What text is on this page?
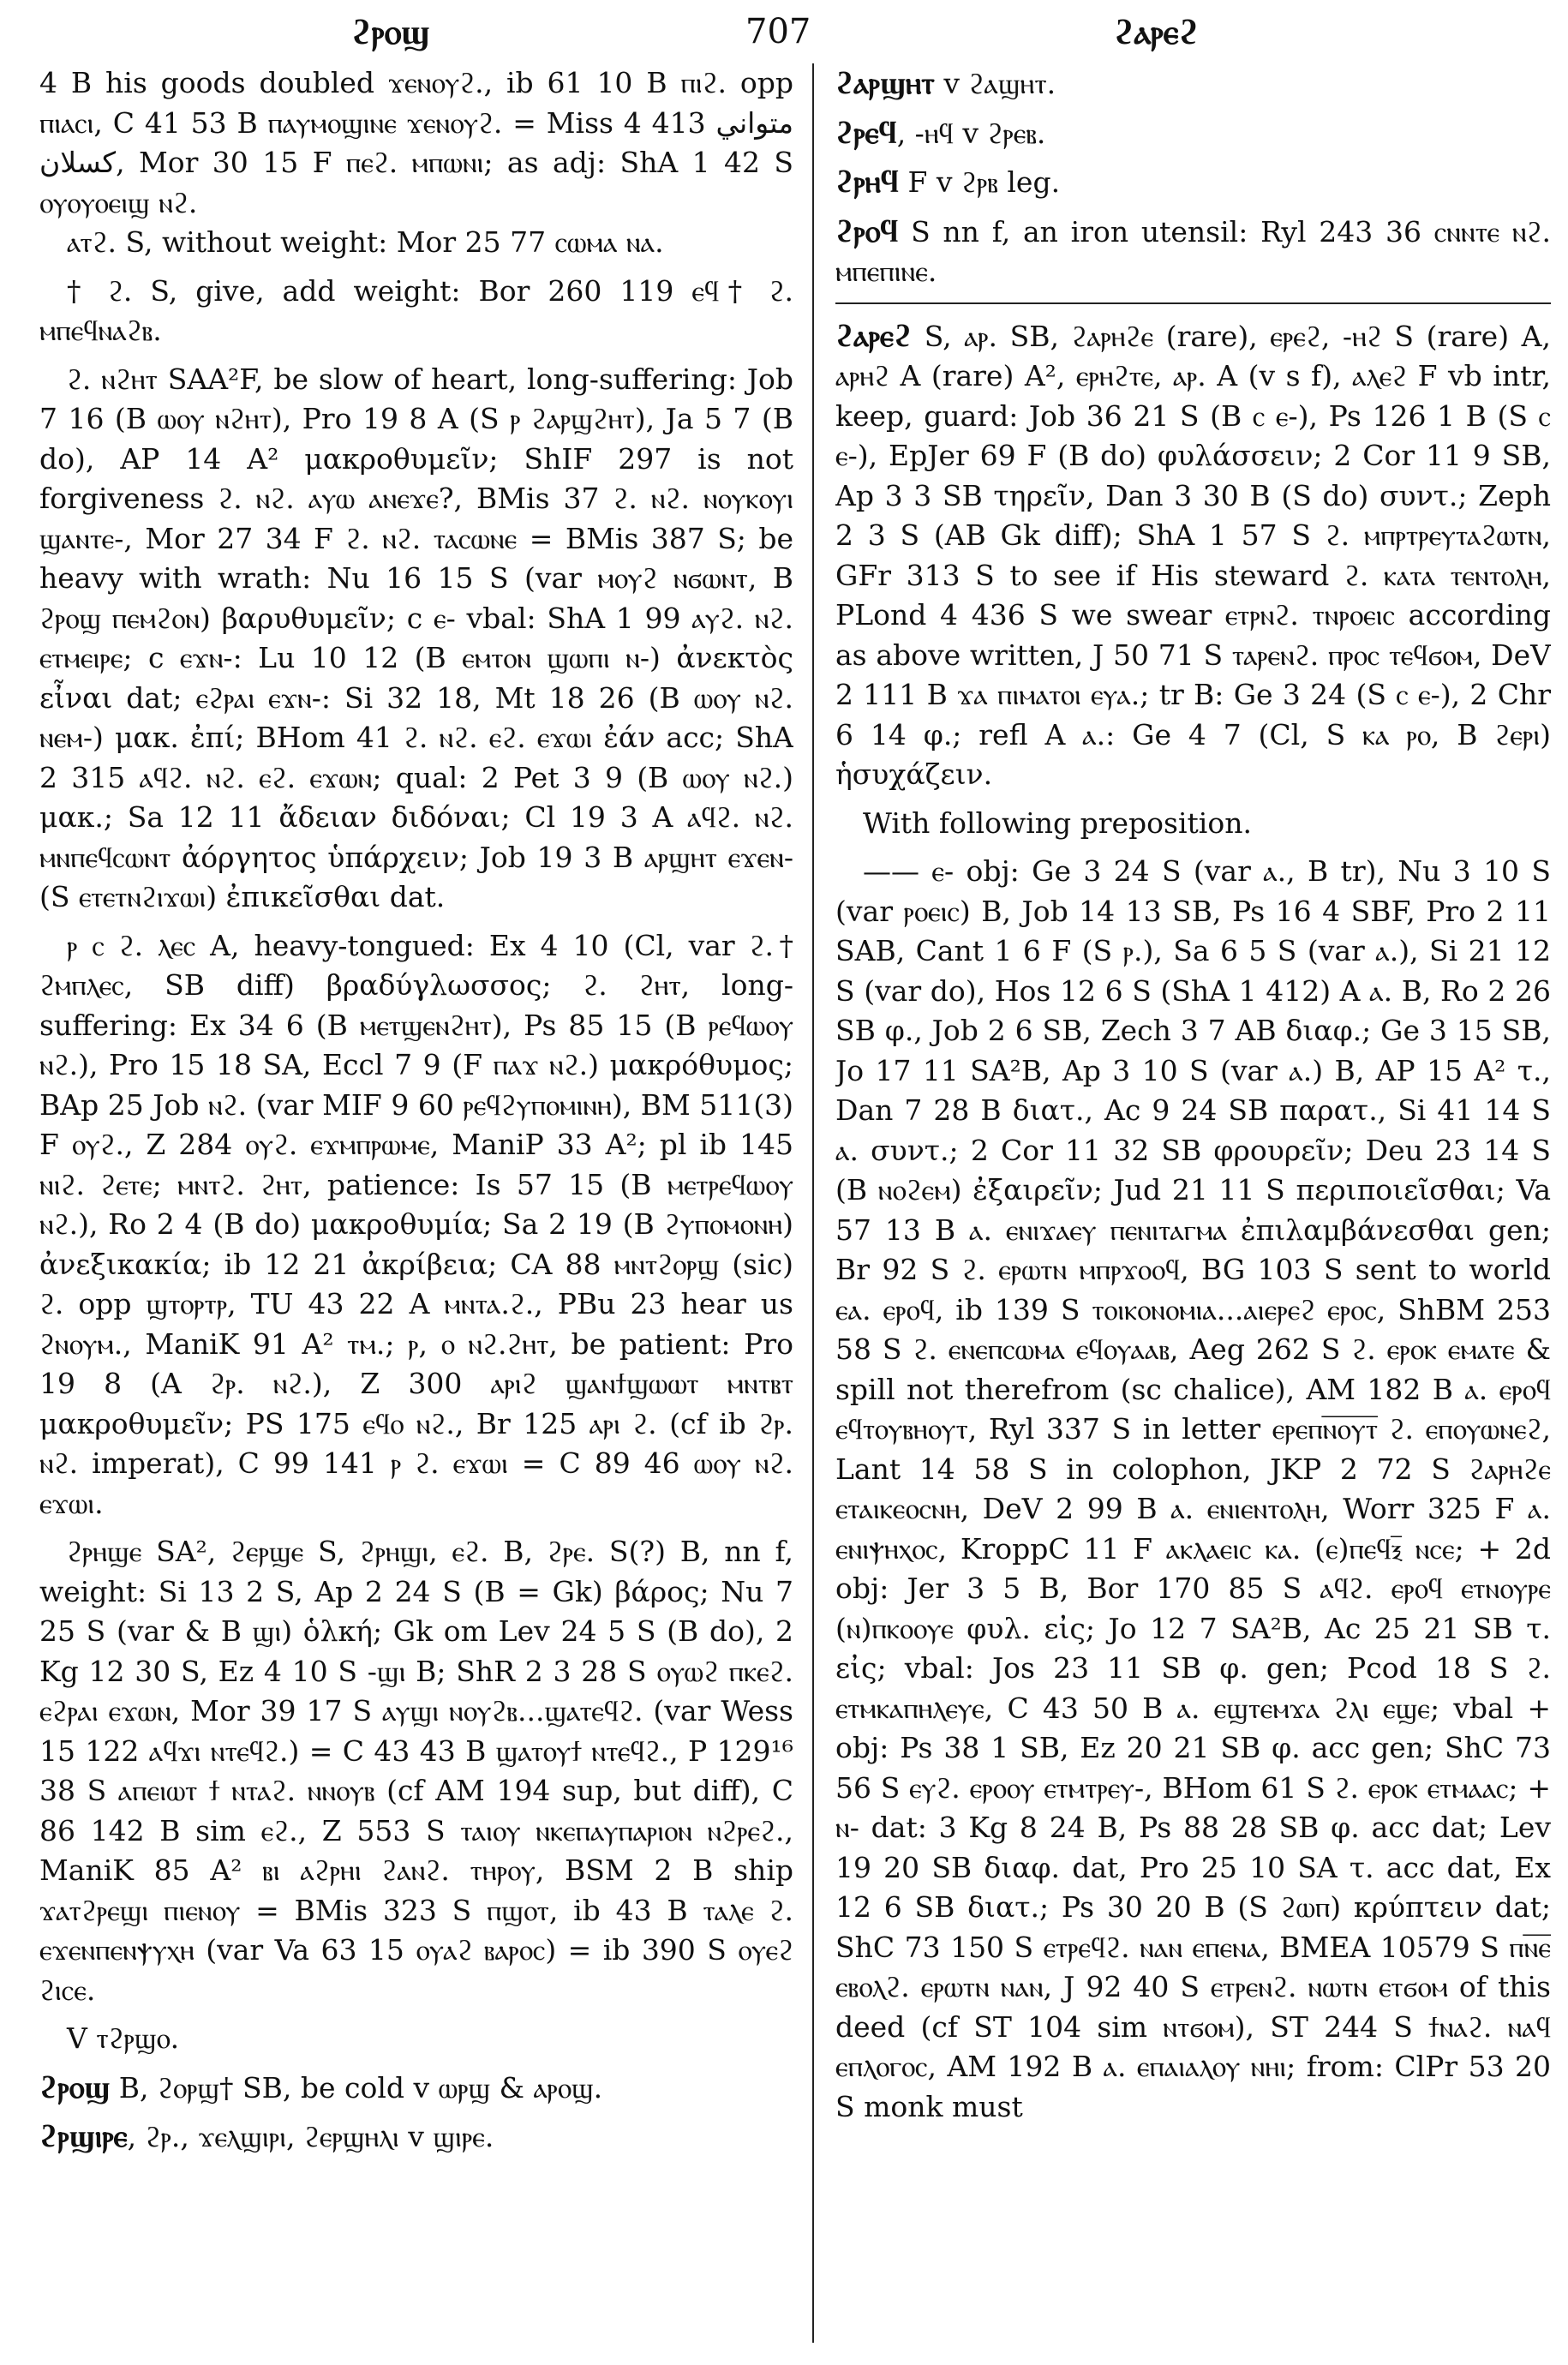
ϩⲣⲟϣ	707	ϩⲁⲣⲉϩ

4 B his goods doubled ϫⲉⲛⲟⲩϩ., ib 61 10 B ⲡⲓϩ. opp ⲡⲓⲁⲥⲓ, C 41 53 B ⲡⲁⲩⲙⲟϣⲓⲛⲉ ϫⲉⲛⲟⲩϩ. = Miss 4 413 متواني كسلان, Mor 30 15 F ⲡⲉϩ. ⲙⲡⲱⲛⲓ; as adj: ShA 1 42 S ⲟⲩⲟⲩⲟⲉⲓϣ ⲛϩ.

ⲁⲧϩ. S, without weight: Mor 25 77 ⲥⲱⲙⲁ ⲛⲁ.

† ϩ. S, give, add weight: Bor 260 119 ⲉϥ† ϩ. ⲙⲡⲉϥⲛⲁϩⲃ.

ϩ. ⲛϩⲏⲧ SAA²F, be slow of heart, long-suffering: Job 7 16 (B ⲱⲟⲩ ⲛϩⲏⲧ), Pro 19 8 A (S ⲣ ϩⲁⲣϣϩⲏⲧ), Ja 5 7 (B do), AP 14 A² μακροθυμεῖν; ShIF 297 is not forgiveness ϩ. ⲛϩ. ⲁⲩⲱ ⲁⲛⲉϫⲉ?, BMis 37 ϩ. ⲛϩ. ⲛⲟⲩⲕⲟⲩⲓ ϣⲁⲛⲧⲉ-, Mor 27 34 F ϩ. ⲛϩ. ⲧⲁⲥⲱⲛⲉ = BMis 387 S; be heavy with wrath: Nu 16 15 S (var ⲙⲟⲩϩ ⲛϭⲱⲛⲧ, B ϩⲣⲟϣ ⲡⲉⲙϩⲟⲛ) βαρυθυμεῖν; c ⲉ- vbal: ShA 1 99 ⲁⲩϩ. ⲛϩ. ⲉⲧⲙⲉⲓⲣⲉ; c ⲉϫⲛ-: Lu 10 12 (B ⲉⲙⲧⲟⲛ ϣⲱⲡⲓ ⲛ-) ἀνεκτὸς εἶναι dat; ⲉϩⲣⲁⲓ ⲉϫⲛ-: Si 32 18, Mt 18 26 (B ⲱⲟⲩ ⲛϩ. ⲛⲉⲙ-) μακ. ἐπί; BHom 41 ϩ. ⲛϩ. ⲉϩ. ⲉϫⲱⲓ ἐάν acc; ShA 2 315 ⲁϥϩ. ⲛϩ. ⲉϩ. ⲉϫⲱⲛ; qual: 2 Pet 3 9 (B ⲱⲟⲩ ⲛϩ.) μακ.; Sa 12 11 ἄδειαν διδόναι; Cl 19 3 A ⲁϥϩ. ⲛϩ. ⲙⲛⲡⲉϥⲥⲱⲛⲧ ἀόργητος ὑπάρχειν; Job 19 3 B ⲁⲣϣⲏⲧ ⲉϫⲉⲛ- (S ⲉⲧⲉⲧⲛϩⲓϫⲱⲓ) ἐπικεῖσθαι dat.

ⲣ ⲥ ϩ. ⲗⲉⲥ A, heavy-tongued: Ex 4 10 (Cl, var ϩ.† ϩⲙⲡⲗⲉⲥ, SB diff) βραδύγλωσσος; ϩ. ϩⲏⲧ, long-suffering: Ex 34 6 (B ⲙⲉⲧϣⲉⲛϩⲏⲧ), Ps 85 15 (B ⲣⲉϥⲱⲟⲩ ⲛϩ.), Pro 15 18 SA, Eccl 7 9 (F ⲡⲁϫ ⲛϩ.) μακρόθυμος; BAp 25 Job ⲛϩ. (var MIF 9 60 ⲣⲉϥϩⲩⲡⲟⲙⲓⲛⲏ), BM 511(3) F ⲟⲩϩ., Z 284 ⲟⲩϩ. ⲉϫⲙⲡⲣⲱⲙⲉ, ManiP 33 A²; pl ib 145 ⲛⲓϩ. ϩⲉⲧⲉ; ⲙⲛⲧϩ. ϩⲏⲧ, patience: Is 57 15 (B ⲙⲉⲧⲣⲉϥⲱⲟⲩ ⲛϩ.), Ro 2 4 (B do) μακροθυμία; Sa 2 19 (B ϩⲩⲡⲟⲙⲟⲛⲏ) ἀνεξικακία; ib 12 21 ἀκρίβεια; CA 88 ⲙⲛⲧϩⲟⲣϣ (sic) ϩ. opp ϣⲧⲟⲣⲧⲣ, TU 43 22 A ⲙⲛⲧⲁ.ϩ., PBu 23 hear us ϩⲛⲟⲩⲙ., ManiK 91 A² ⲧⲙ.; ⲣ, ⲟ ⲛϩ.ϩⲏⲧ, be patient: Pro 19 8 (A ϩⲣ. ⲛϩ.), Z 300 ⲁⲣⲓϩ ϣⲁⲛϯϣⲱⲱⲧ ⲙⲛⲧⲃⲧ μακροθυμεῖν; PS 175 ⲉϥⲟ ⲛϩ., Br 125 ⲁⲣⲓ ϩ. (cf ib ϩⲣ. ⲛϩ. imperat), C 99 141 ⲣ ϩ. ⲉϫⲱⲓ = C 89 46 ⲱⲟⲩ ⲛϩ. ⲉϫⲱⲓ.

ϩⲣⲏϣⲉ SA², ϩⲉⲣϣⲉ S, ϩⲣⲏϣⲓ, ⲉϩ. B, ϩⲣⲉ. S(?) B, nn f, weight: Si 13 2 S, Ap 2 24 S (B = Gk) βάρος; Nu 7 25 S (var & B ϣⲓ) ὁλκή; Gk om Lev 24 5 S (B do), 2 Kg 12 30 S, Ez 4 10 S -ϣⲓ B; ShR 2 3 28 S ⲟⲩⲱϩ ⲡⲕⲉϩ. ⲉϩⲣⲁⲓ ⲉϫⲱⲛ, Mor 39 17 S ⲁⲩϣⲓ ⲛⲟⲩϩⲃ...ϣⲁⲧⲉϥϩ. (var Wess 15 122 ⲁϥϫⲓ ⲛⲧⲉϥϩ.) = C 43 43 B ϣⲁⲧⲟⲩϯ ⲛⲧⲉϥϩ., P 129¹⁶ 38 S ⲁⲡⲉⲓⲱⲧ ϯ ⲛⲧⲁϩ. ⲛⲛⲟⲩⲃ (cf AM 194 sup, but diff), C 86 142 B sim ⲉϩ., Z 553 S ⲧⲁⲓⲟⲩ ⲛⲕⲉⲡⲁⲩⲡⲁⲣⲓⲟⲛ ⲛϩⲣⲉϩ., ManiK 85 A² ⲃⲓ ⲁϩⲣⲏⲓ ϩⲁⲛϩ. ⲧⲏⲣⲟⲩ, BSM 2 B ship ϫⲁⲧϩⲣⲉϣⲓ ⲡⲓⲉⲛⲟⲩ = BMis 323 S ⲡϣⲟⲧ, ib 43 B ⲧⲁⲗⲉ ϩ. ⲉϫⲉⲛⲡⲉⲛⲯⲩⲭⲏ (var Va 63 15 ⲟⲩⲁϩ ⲃⲁⲣⲟⲥ) = ib 390 S ⲟⲩⲉϩ ϩⲓⲥⲉ.

V ⲧϩⲣϣⲟ.

ϩⲣⲟϣ B, ϩⲟⲣϣ† SB, be cold v ⲱⲣϣ & ⲁⲣⲟϣ.

ϩⲣϣⲓⲣⲉ, ϩⲣ., ϫⲉⲗϣⲓⲣⲓ, ϩⲉⲣϣⲏⲗⲓ v ϣⲓⲣⲉ.

ϩⲁⲣϣⲏⲧ v ϩⲁϣⲏⲧ.

ϩⲣⲉϥ, -ⲏϥ v ϩⲣⲉⲃ.

ϩⲣⲏϥ F v ϩⲣⲃ leg.

ϩⲣⲟϥ S nn f, an iron utensil: Ryl 243 36 ⲥⲛⲛⲧⲉ ⲛϩ. ⲙⲡⲉⲡⲓⲛⲉ.

ϩⲁⲣⲉϩ S, ⲁⲣ. SB, ϩⲁⲣⲏϩⲉ (rare), ⲉⲣⲉϩ, -ⲏϩ S (rare) A, ⲁⲣⲏϩ A (rare) A², ⲉⲣⲏϩⲧⲉ, ⲁⲣ. A (v s f), ⲁⲗⲉϩ F vb intr, keep, guard: Job 36 21 S (B ⲥ ⲉ-), Ps 126 1 B (S ⲥ ⲉ-), EpJer 69 F (B do) φυλάσσειν; 2 Cor 11 9 SB, Ap 3 3 SB τηρεῖν, Dan 3 30 B (S do) συντ.; Zeph 2 3 S (AB Gk diff); ShA 1 57 S ϩ. ⲙⲡⲣⲧⲣⲉⲩⲧⲁϩⲱⲧⲛ, GFr 313 S to see if His steward ϩ. ⲕⲁⲧⲁ ⲧⲉⲛⲧⲟⲗⲏ, PLond 4 436 S we swear ⲉⲧⲣⲛϩ. ⲧⲛⲣⲟⲉⲓⲥ according as above written, J 50 71 S ⲧⲁⲣⲉⲛϩ. ⲡⲣⲟⲥ ⲧⲉϥϭⲟⲙ, DeV 2 111 B ϫⲁ ⲡⲓⲙⲁⲧⲟⲓ ⲉⲩⲁ.; tr B: Ge 3 24 (S ⲥ ⲉ-), 2 Chr 6 14 φ.; refl A ⲁ.: Ge 4 7 (Cl, S ⲕⲁ ⲣⲟ, B ϩⲉⲣⲓ) ἡσυχάζειν.

With following preposition.

—— ⲉ- obj: Ge 3 24 S (var ⲁ., B tr), Nu 3 10 S (var ⲣⲟⲉⲓⲥ) B, Job 14 13 SB, Ps 16 4 SBF, Pro 2 11 SAB, Cant 1 6 F (S ⲣ.), Sa 6 5 S (var ⲁ.), Si 21 12 S (var do), Hos 12 6 S (ShA 1 412) A ⲁ. B, Ro 2 26 SB φ., Job 2 6 SB, Zech 3 7 AB διαφ.; Ge 3 15 SB, Jo 17 11 SA²B, Ap 3 10 S (var ⲁ.) B, AP 15 A² τ., Dan 7 28 B διατ., Ac 9 24 SB παρατ., Si 41 14 S ⲁ. συντ.; 2 Cor 11 32 SB φρουρεῖν; Deu 23 14 S (B ⲛⲟϩⲉⲙ) ἐξαιρεῖν; Jud 21 11 S περιποιεῖσθαι; Va 57 13 B ⲁ. ⲉⲛⲓϫⲁⲉⲩ ⲡⲉⲛⲓⲧⲁⲅⲙⲁ ἐπιλαμβάνεσθαι gen; Br 92 S ϩ. ⲉⲣⲱⲧⲛ ⲙⲡⲣϫⲟⲟϥ, BG 103 S sent to world ⲉⲁ. ⲉⲣⲟϥ, ib 139 S ⲧⲟⲓⲕⲟⲛⲟⲙⲓⲁ...ⲁⲓⲉⲣⲉϩ ⲉⲣⲟⲥ, ShBM 253 58 S ϩ. ⲉⲛⲉⲡⲥⲱⲙⲁ ⲉϥⲟⲩⲁⲁⲃ, Aeg 262 S ϩ. ⲉⲣⲟⲕ ⲉⲙⲁⲧⲉ & spill not therefrom (sc chalice), AM 182 B ⲁ. ⲉⲣⲟϥ ⲉϥⲧⲟⲩⲃⲏⲟⲩⲧ, Ryl 337 S in letter ⲉⲣⲉⲡⲛ̅ⲟ̅ⲩ̅ⲧ̅ ϩ. ⲉⲡⲟⲩⲱⲛⲉϩ, Lant 14 58 S in colophon, JKP 2 72 S ϩⲁⲣⲏϩⲉ ⲉⲧⲁⲓⲕⲉⲟⲥⲛⲏ, DeV 2 99 B ⲁ. ⲉⲛⲓⲉⲛⲧⲟⲗⲏ, Worr 325 F ⲁ. ⲉⲛⲓⲯⲏⲭⲟⲥ, KroppC 11 F ⲁⲕⲗⲁⲉⲓⲥ ⲕⲁ. (ⲉ)ⲡⲉϥⲝ̅ ⲛⲥⲉ; + 2d obj: Jer 3 5 B, Bor 170 85 S ⲁϥϩ. ⲉⲣⲟϥ ⲉⲧⲛⲟⲩⲣⲉ (ⲛ)ⲡⲕⲟⲟⲩⲉ φυλ. εἰς; Jo 12 7 SA²B, Ac 25 21 SB τ. εἰς; vbal: Jos 23 11 SB φ. gen; Pcod 18 S ϩ. ⲉⲧⲙⲕⲁⲡⲏⲗⲉⲩⲉ, C 43 50 B ⲁ. ⲉϣⲧⲉⲙϫⲁ ϩⲗⲓ ⲉϣⲉ; vbal + obj: Ps 38 1 SB, Ez 20 21 SB φ. acc gen; ShC 73 56 S ⲉⲩϩ. ⲉⲣⲟⲟⲩ ⲉⲧⲙⲧⲣⲉⲩ-, BHom 61 S ϩ. ⲉⲣⲟⲕ ⲉⲧⲙⲁⲁⲥ; + ⲛ- dat: 3 Kg 8 24 B, Ps 88 28 SB φ. acc dat; Lev 19 20 SB διαφ. dat, Pro 25 10 SA τ. acc dat, Ex 12 6 SB διατ.; Ps 30 20 B (S ϩⲱⲡ) κρύπτειν dat; ShC 73 150 S ⲉⲧⲣⲉϥϩ. ⲛⲁⲛ ⲉⲡⲉⲛⲁ, BMEA 10579 S ⲡⲛ̅ⲉ̅ ⲉⲃⲟⲗϩ. ⲉⲣⲱⲧⲛ ⲛⲁⲛ, J 92 40 S ⲉⲧⲣⲉⲛϩ. ⲛⲱⲧⲛ ⲉⲧϭⲟⲙ of this deed (cf ST 104 sim ⲛⲧϭⲟⲙ), ST 244 S ϯⲛⲁϩ. ⲛⲁϥ ⲉⲡⲗⲟⲅⲟⲥ, AM 192 B ⲁ. ⲉⲡⲁⲓⲁⲗⲟⲩ ⲛⲏⲓ; from: ClPr 53 20 S monk must
